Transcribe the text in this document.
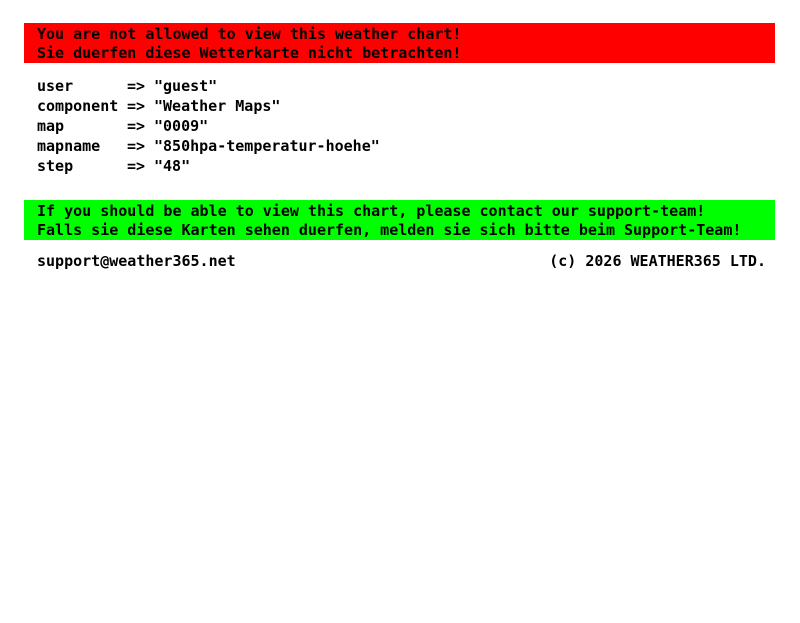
You are not allowed to view this weather chart!
Sie duerfen diese Wetterkarte nicht betrachten!
user	=> "guest"
component => "Weather Maps"
map	=> "0009"
mapname	=> "850hpa-temperatur-hoehe"
step	=> "48"
If you should be able to view this chart, please contact our support-team!
Falls sie diese Karten sehen duerfen, melden sie sich bitte beim Support-Team!
support@weather365.net	(c) 2026 WEATHER365 LTD.
